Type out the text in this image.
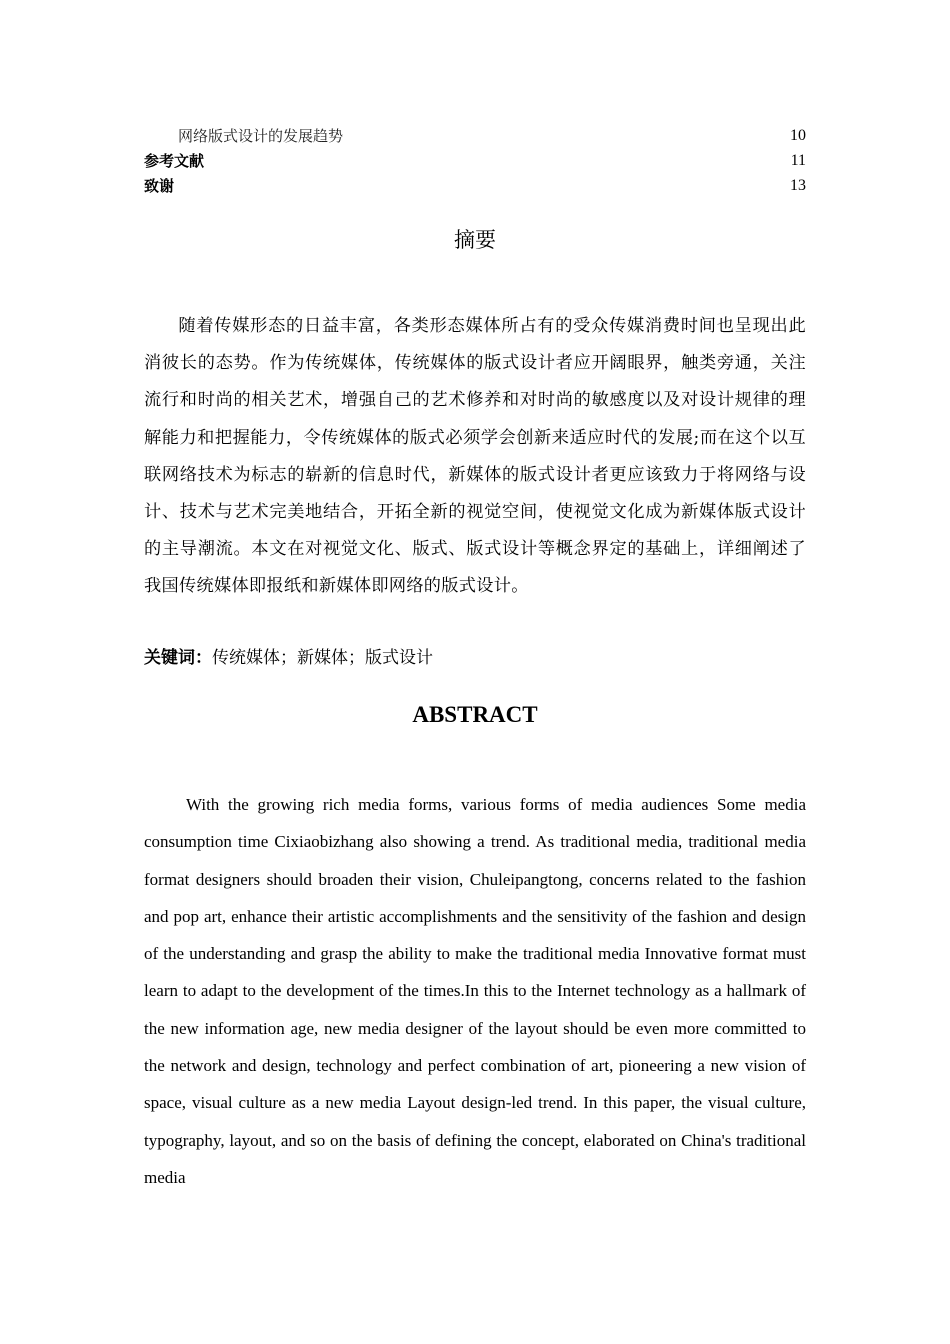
网络版式设计的发展趋势	10
参考文献	11
致谢	13
摘要

随着传媒形态的日益丰富，各类形态媒体所占有的受众传媒消费时间也呈现出此消彼长的态势。作为传统媒体，传统媒体的版式设计者应开阔眼界，触类旁通，关注流行和时尚的相关艺术，增强自己的艺术修养和对时尚的敏感度以及对设计规律的理解能力和把握能力，令传统媒体的版式必须学会创新来适应时代的发展;而在这个以互联网络技术为标志的崭新的信息时代，新媒体的版式设计者更应该致力于将网络与设计、技术与艺术完美地结合，开拓全新的视觉空间，使视觉文化成为新媒体版式设计的主导潮流。本文在对视觉文化、版式、版式设计等概念界定的基础上，详细阐述了我国传统媒体即报纸和新媒体即网络的版式设计。

关键词：传统媒体；新媒体；版式设计
ABSTRACT

With the growing rich media forms, various forms of media audiences Some media consumption time Cixiaobizhang also showing a trend. As traditional media, traditional media format designers should broaden their vision, Chuleipangtong, concerns related to the fashion and pop art, enhance their artistic accomplishments and the sensitivity of the fashion and design of the understanding and grasp the ability to make the traditional media Innovative format must learn to adapt to the development of the times.In this to the Internet technology as a hallmark of the new information age, new media designer of the layout should be even more committed to the network and design, technology and perfect combination of art, pioneering a new vision of space, visual culture as a new media Layout design-led trend. In this paper, the visual culture, typography, layout, and so on the basis of defining the concept, elaborated on China's traditional media
